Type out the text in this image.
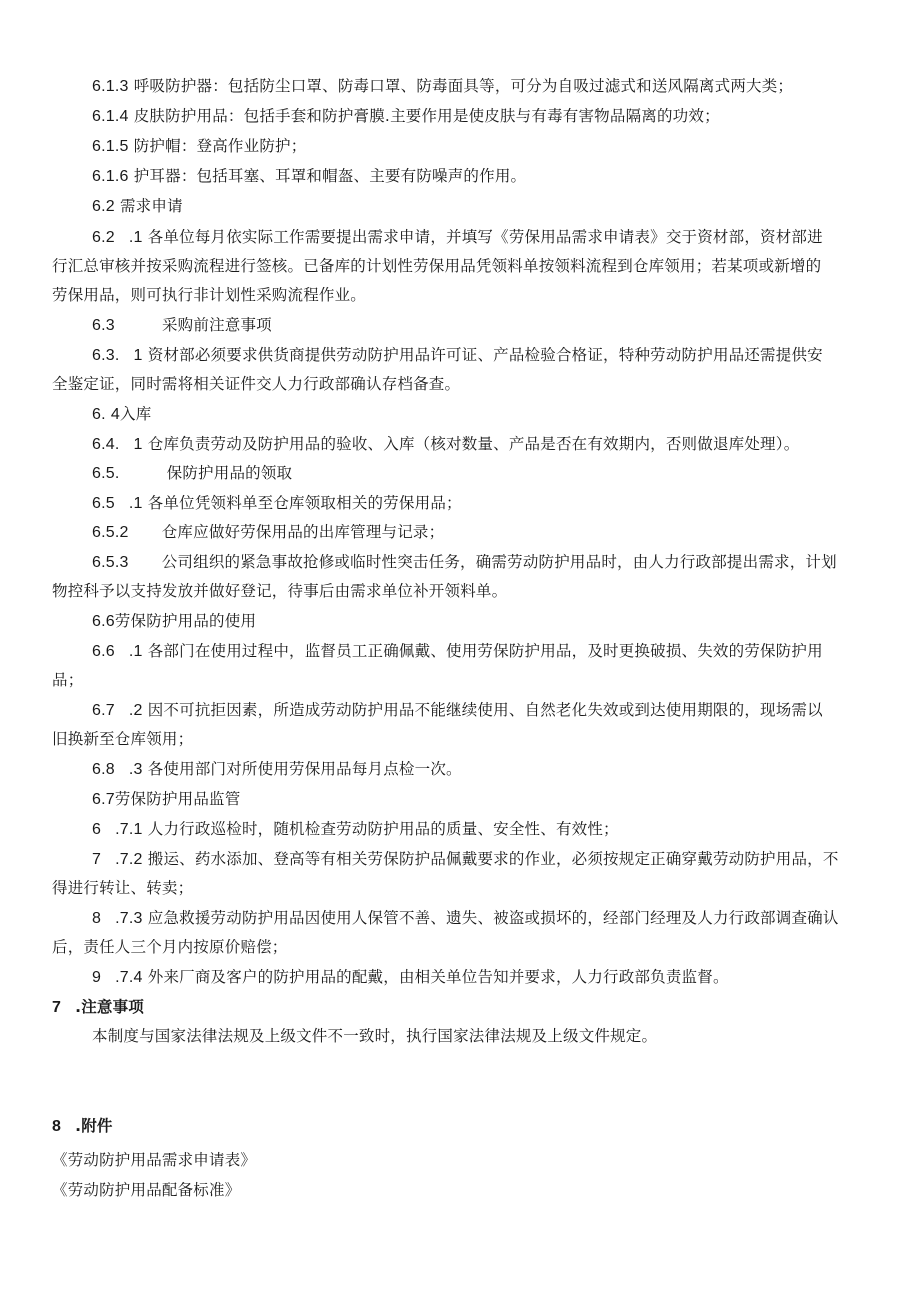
6.1.3 呼吸防护器：包括防尘口罩、防毒口罩、防毒面具等，可分为自吸过滤式和送风隔离式两大类；
6.1.4 皮肤防护用品：包括手套和防护膏膜.主要作用是使皮肤与有毒有害物品隔离的功效；
6.1.5 防护帽：登高作业防护；
6.1.6 护耳器：包括耳塞、耳罩和帽盔、主要有防噪声的作用。
6.2 需求申请
6.2 .1 各单位每月依实际工作需要提出需求申请，并填写《劳保用品需求申请表》交于资材部，资材部进
行汇总审核并按采购流程进行签核。已备库的计划性劳保用品凭领料单按领料流程到仓库领用；若某项或新增的
劳保用品，则可执行非计划性采购流程作业。
6.3	采购前注意事项
6.3. 1 资材部必须要求供货商提供劳动防护用品许可证、产品检验合格证，特种劳动防护用品还需提供安
全鉴定证，同时需将相关证件交人力行政部确认存档备查。
6. 4入库
6.4. 1 仓库负责劳动及防护用品的验收、入库（核对数量、产品是否在有效期内，否则做退库处理）。
6.5.	保防护用品的领取
6.5 .1 各单位凭领料单至仓库领取相关的劳保用品；
6.5.2 仓库应做好劳保用品的出库管理与记录；
6.5.3 公司组织的紧急事故抢修或临时性突击任务，确需劳动防护用品时，由人力行政部提出需求，计划
物控科予以支持发放并做好登记，待事后由需求单位补开领料单。
6.6劳保防护用品的使用
6.6 .1 各部门在使用过程中，监督员工正确佩戴、使用劳保防护用品，及时更换破损、失效的劳保防护用
品；
6.7 .2 因不可抗拒因素，所造成劳动防护用品不能继续使用、自然老化失效或到达使用期限的，现场需以
旧换新至仓库领用；
6.8 .3 各使用部门对所使用劳保用品每月点检一次。
6.7劳保防护用品监管
6 .7.1 人力行政巡检时，随机检查劳动防护用品的质量、安全性、有效性；
7 .7.2 搬运、药水添加、登高等有相关劳保防护品佩戴要求的作业，必须按规定正确穿戴劳动防护用品，不
得进行转让、转卖；
8 .7.3 应急救援劳动防护用品因使用人保管不善、遗失、被盗或损坏的，经部门经理及人力行政部调查确认
后，责任人三个月内按原价赔偿；
9 .7.4 外来厂商及客户的防护用品的配戴，由相关单位告知并要求，人力行政部负责监督。
7 .注意事项
本制度与国家法律法规及上级文件不一致时，执行国家法律法规及上级文件规定。
8 .附件
《劳动防护用品需求申请表》
《劳动防护用品配备标准》
